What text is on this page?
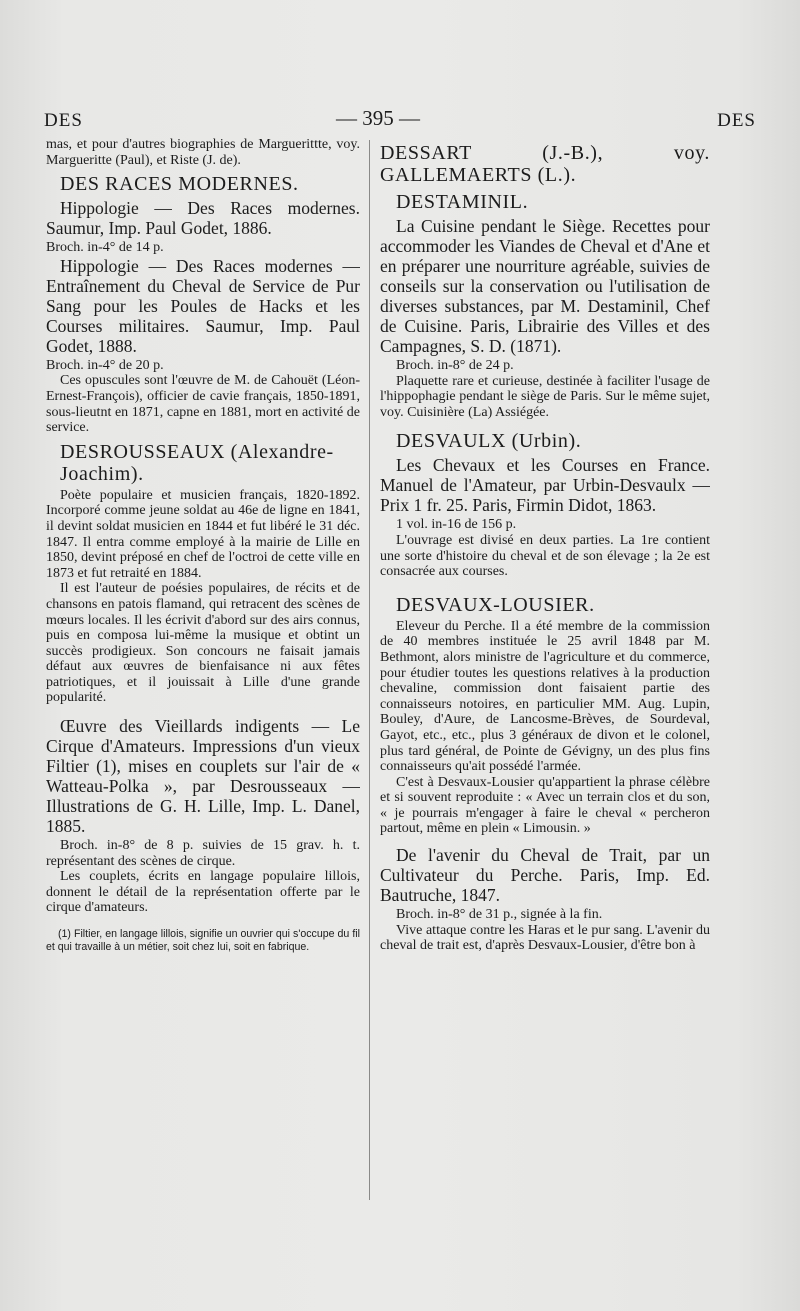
DES	— 395 —	DES

mas, et pour d'autres biographies de Marguerittte, voy. Margueritte (Paul), et Riste (J. de).

DES RACES MODERNES.

Hippologie — Des Races modernes. Saumur, Imp. Paul Godet, 1886.

Broch. in-4° de 14 p.

Hippologie — Des Races modernes — Entraînement du Cheval de Service de Pur Sang pour les Poules de Hacks et les Courses militaires. Saumur, Imp. Paul Godet, 1888.

Broch. in-4° de 20 p.

Ces opuscules sont l'œuvre de M. de Cahouët (Léon-Ernest-François), officier de cavie français, 1850-1891, sous-lieutnt en 1871, capne en 1881, mort en activité de service.

DESROUSSEAUX (Alexandre-Joachim).

Poète populaire et musicien français, 1820-1892. Incorporé comme jeune soldat au 46e de ligne en 1841, il devint soldat musicien en 1844 et fut libéré le 31 déc. 1847. Il entra comme employé à la mairie de Lille en 1850, devint préposé en chef de l'octroi de cette ville en 1873 et fut retraité en 1884.

Il est l'auteur de poésies populaires, de récits et de chansons en patois flamand, qui retracent des scènes de mœurs locales. Il les écrivit d'abord sur des airs connus, puis en composa lui-même la musique et obtint un succès prodigieux. Son concours ne faisait jamais défaut aux œuvres de bienfaisance ni aux fêtes patriotiques, et il jouissait à Lille d'une grande popularité.

Œuvre des Vieillards indigents — Le Cirque d'Amateurs. Impressions d'un vieux Filtier (1), mises en couplets sur l'air de « Watteau-Polka », par Desrousseaux — Illustrations de G. H. Lille, Imp. L. Danel, 1885.

Broch. in-8° de 8 p. suivies de 15 grav. h. t. représentant des scènes de cirque.

Les couplets, écrits en langage populaire lillois, donnent le détail de la représentation offerte par le cirque d'amateurs.

(1) Filtier, en langage lillois, signifie un ouvrier qui s'occupe du fil et qui travaille à un métier, soit chez lui, soit en fabrique.

DESSART (J.-B.), voy. GALLEMAERTS (L.).
DESTAMINIL.

La Cuisine pendant le Siège. Recettes pour accommoder les Viandes de Cheval et d'Ane et en préparer une nourriture agréable, suivies de conseils sur la conservation ou l'utilisation de diverses substances, par M. Destaminil, Chef de Cuisine. Paris, Librairie des Villes et des Campagnes, S. D. (1871).

Broch. in-8° de 24 p.

Plaquette rare et curieuse, destinée à faciliter l'usage de l'hippophagie pendant le siège de Paris. Sur le même sujet, voy. Cuisinière (La) Assiégée.

DESVAULX (Urbin).

Les Chevaux et les Courses en France. Manuel de l'Amateur, par Urbin-Desvaulx — Prix 1 fr. 25. Paris, Firmin Didot, 1863.

1 vol. in-16 de 156 p.

L'ouvrage est divisé en deux parties. La 1re contient une sorte d'histoire du cheval et de son élevage ; la 2e est consacrée aux courses.

DESVAUX-LOUSIER.

Eleveur du Perche. Il a été membre de la commission de 40 membres instituée le 25 avril 1848 par M. Bethmont, alors ministre de l'agriculture et du commerce, pour étudier toutes les questions relatives à la production chevaline, commission dont faisaient partie des connaisseurs notoires, en particulier MM. Aug. Lupin, Bouley, d'Aure, de Lancosme-Brèves, de Sourdeval, Gayot, etc., etc., plus 3 généraux de divon et le colonel, plus tard général, de Pointe de Gévigny, un des plus fins connaisseurs qu'ait possédé l'armée.

C'est à Desvaux-Lousier qu'appartient la phrase célèbre et si souvent reproduite : « Avec un terrain clos et du son, « je pourrais m'engager à faire le cheval « percheron partout, même en plein « Limousin. »

De l'avenir du Cheval de Trait, par un Cultivateur du Perche. Paris, Imp. Ed. Bautruche, 1847.

Broch. in-8° de 31 p., signée à la fin.

Vive attaque contre les Haras et le pur sang. L'avenir du cheval de trait est, d'après Desvaux-Lousier, d'être bon à
